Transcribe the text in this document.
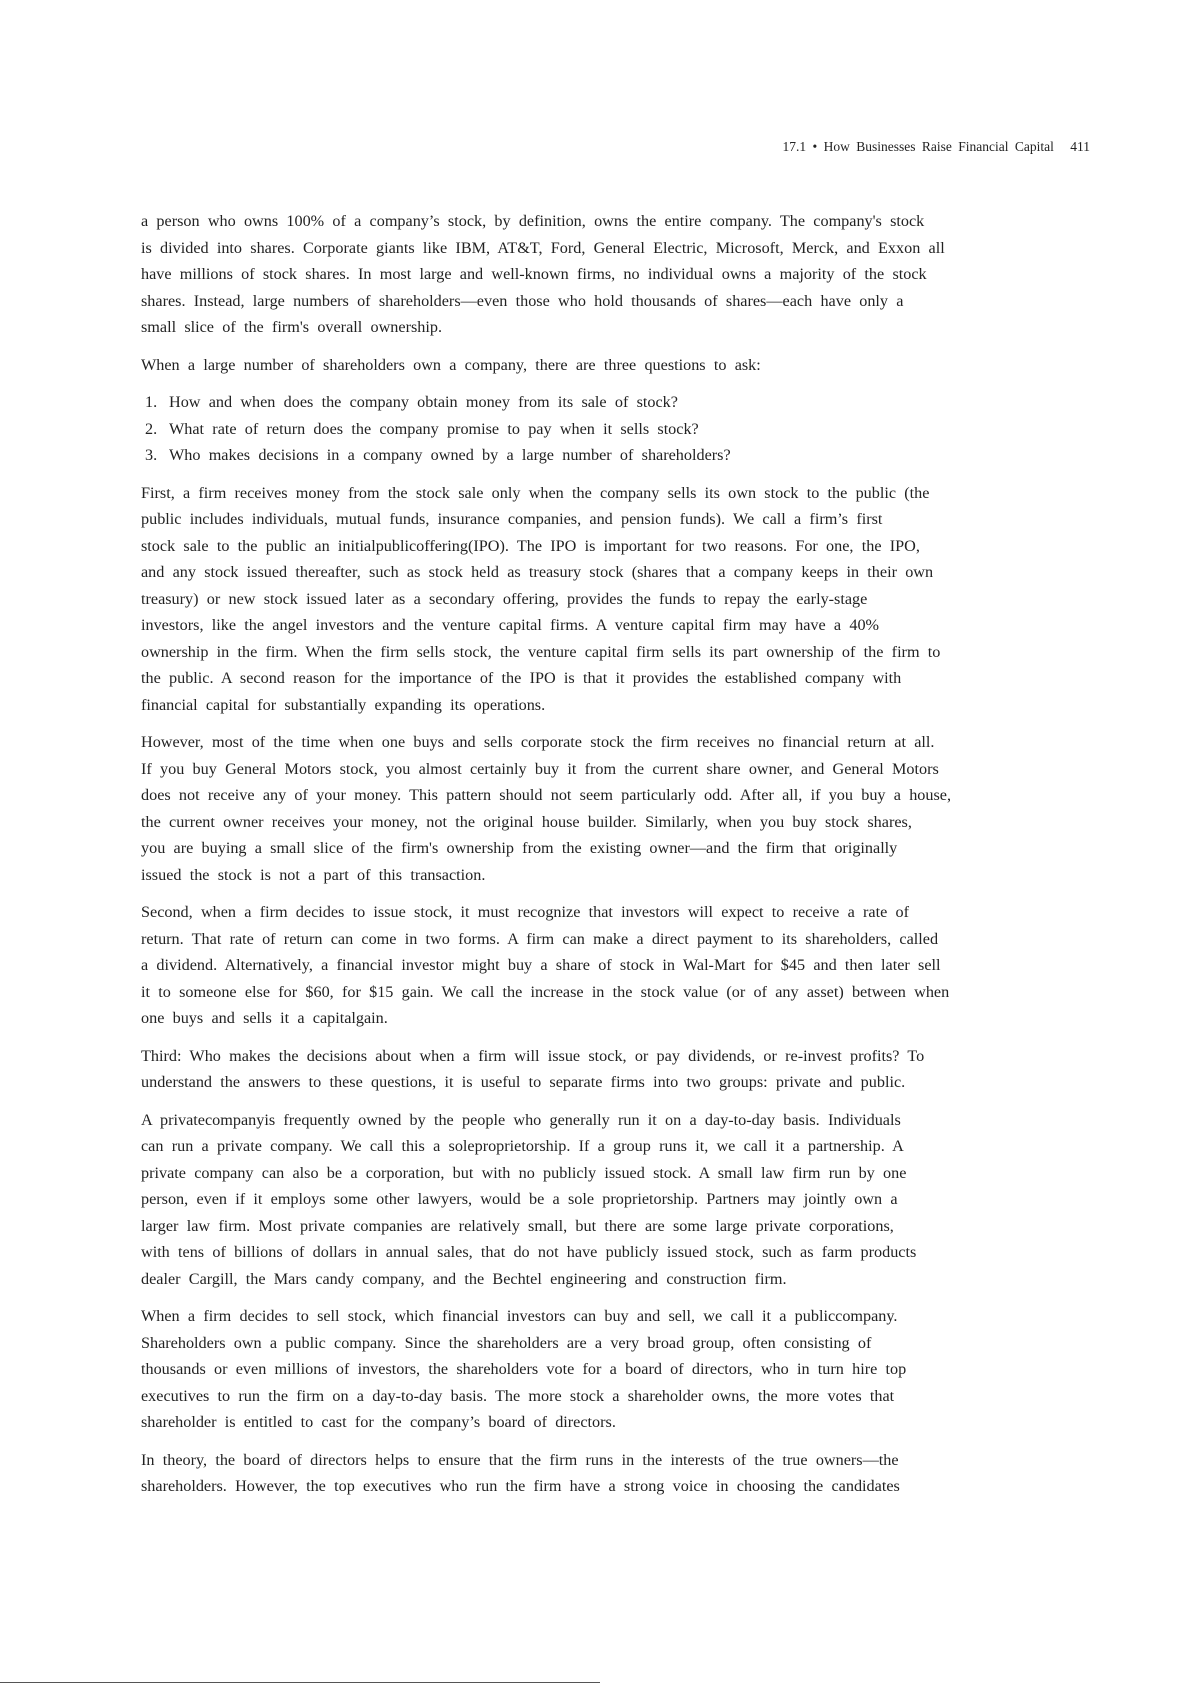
17.1 • How Businesses Raise Financial Capital 411

a person who owns 100% of a company’s stock, by definition, owns the entire company. The company's stock
is divided into shares. Corporate giants like IBM, AT&T, Ford, General Electric, Microsoft, Merck, and Exxon all
have millions of stock shares. In most large and well-known firms, no individual owns a majority of the stock
shares. Instead, large numbers of shareholders—even those who hold thousands of shares—each have only a
small slice of the firm's overall ownership.

When a large number of shareholders own a company, there are three questions to ask:

1. How and when does the company obtain money from its sale of stock?
2. What rate of return does the company promise to pay when it sells stock?
3. Who makes decisions in a company owned by a large number of shareholders?

First, a firm receives money from the stock sale only when the company sells its own stock to the public (the
public includes individuals, mutual funds, insurance companies, and pension funds). We call a firm’s first
stock sale to the public an initialpublicoffering(IPO). The IPO is important for two reasons. For one, the IPO,
and any stock issued thereafter, such as stock held as treasury stock (shares that a company keeps in their own
treasury) or new stock issued later as a secondary offering, provides the funds to repay the early-stage
investors, like the angel investors and the venture capital firms. A venture capital firm may have a 40%
ownership in the firm. When the firm sells stock, the venture capital firm sells its part ownership of the firm to
the public. A second reason for the importance of the IPO is that it provides the established company with
financial capital for substantially expanding its operations.

However, most of the time when one buys and sells corporate stock the firm receives no financial return at all.
If you buy General Motors stock, you almost certainly buy it from the current share owner, and General Motors
does not receive any of your money. This pattern should not seem particularly odd. After all, if you buy a house,
the current owner receives your money, not the original house builder. Similarly, when you buy stock shares,
you are buying a small slice of the firm's ownership from the existing owner—and the firm that originally
issued the stock is not a part of this transaction.

Second, when a firm decides to issue stock, it must recognize that investors will expect to receive a rate of
return. That rate of return can come in two forms. A firm can make a direct payment to its shareholders, called
a dividend. Alternatively, a financial investor might buy a share of stock in Wal-Mart for $45 and then later sell
it to someone else for $60, for $15 gain. We call the increase in the stock value (or of any asset) between when
one buys and sells it a capitalgain.

Third: Who makes the decisions about when a firm will issue stock, or pay dividends, or re-invest profits? To
understand the answers to these questions, it is useful to separate firms into two groups: private and public.

A privatecompanyis frequently owned by the people who generally run it on a day-to-day basis. Individuals
can run a private company. We call this a soleproprietorship. If a group runs it, we call it a partnership. A
private company can also be a corporation, but with no publicly issued stock. A small law firm run by one
person, even if it employs some other lawyers, would be a sole proprietorship. Partners may jointly own a
larger law firm. Most private companies are relatively small, but there are some large private corporations,
with tens of billions of dollars in annual sales, that do not have publicly issued stock, such as farm products
dealer Cargill, the Mars candy company, and the Bechtel engineering and construction firm.

When a firm decides to sell stock, which financial investors can buy and sell, we call it a publiccompany.
Shareholders own a public company. Since the shareholders are a very broad group, often consisting of
thousands or even millions of investors, the shareholders vote for a board of directors, who in turn hire top
executives to run the firm on a day-to-day basis. The more stock a shareholder owns, the more votes that
shareholder is entitled to cast for the company’s board of directors.

In theory, the board of directors helps to ensure that the firm runs in the interests of the true owners—the
shareholders. However, the top executives who run the firm have a strong voice in choosing the candidates
